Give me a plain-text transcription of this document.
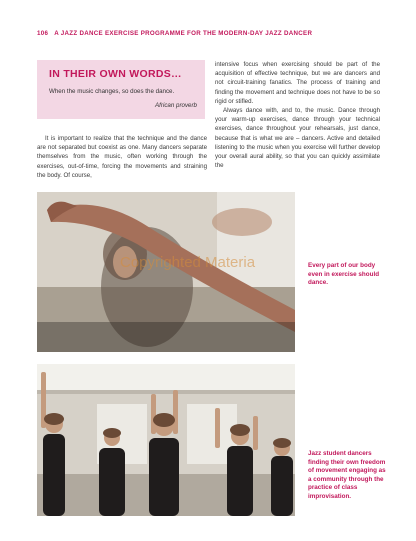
106 A JAZZ DANCE EXERCISE PROGRAMME FOR THE MODERN-DAY JAZZ DANCER
IN THEIR OWN WORDS…
When the music changes, so does the dance.
African proverb

It is important to realize that the technique and the dance are not separated but coexist as one. Many dancers separate themselves from the music, often working through the exercises, out-of-time, forcing the movements and straining the body. Of course,

intensive focus when exercising should be part of the acquisition of effective technique, but we are dancers and not circuit-training fanatics. The process of training and finding the movement and technique does not have to be so rigid or stifled.

Always dance with, and to, the music. Dance through your warm-up exercises, dance through your technical exercises, dance throughout your rehearsals, just dance, because that is what we are – dancers. Active and detailed listening to the music when you exercise will further develop your overall aural ability, so that you can quickly assimilate the

Copyrighted Materia	Every part of our body even in exercise should dance.
Jazz student dancers finding their own freedom of movement engaging as a community through the practice of class improvisation.
